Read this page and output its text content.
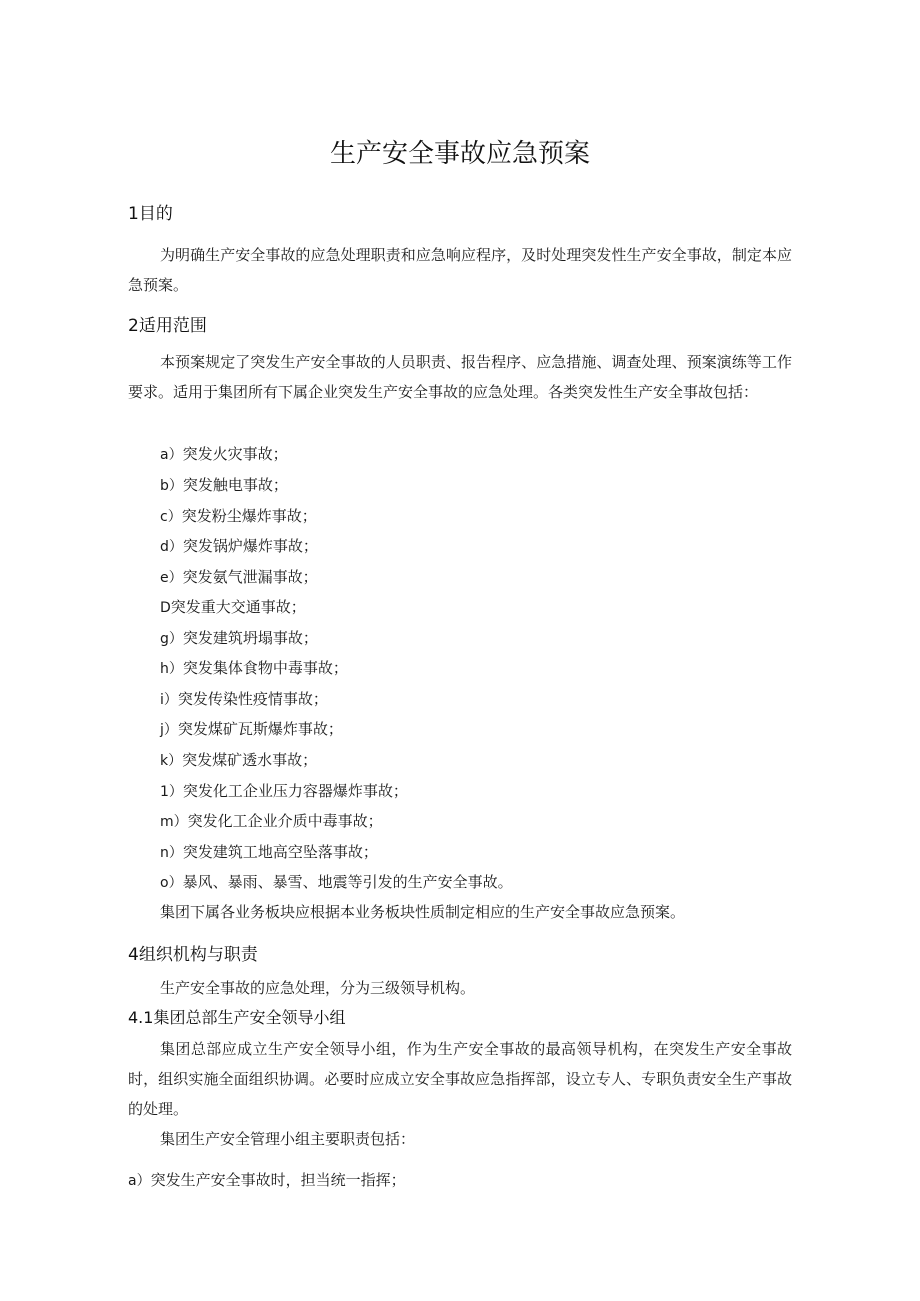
生产安全事故应急预案
1目的

为明确生产安全事故的应急处理职责和应急响应程序，及时处理突发性生产安全事故，制定本应急预案。

2适用范围

本预案规定了突发生产安全事故的人员职责、报告程序、应急措施、调查处理、预案演练等工作要求。适用于集团所有下属企业突发生产安全事故的应急处理。各类突发性生产安全事故包括：

a）突发火灾事故；
b）突发触电事故；
c）突发粉尘爆炸事故；
d）突发锅炉爆炸事故；
e）突发氨气泄漏事故；
D突发重大交通事故；
g）突发建筑坍塌事故；
h）突发集体食物中毒事故；
i）突发传染性疫情事故；
j）突发煤矿瓦斯爆炸事故；
k）突发煤矿透水事故；
1）突发化工企业压力容器爆炸事故；
m）突发化工企业介质中毒事故；
n）突发建筑工地高空坠落事故；
o）暴风、暴雨、暴雪、地震等引发的生产安全事故。
集团下属各业务板块应根据本业务板块性质制定相应的生产安全事故应急预案。
4组织机构与职责
生产安全事故的应急处理，分为三级领导机构。
4.1集团总部生产安全领导小组

集团总部应成立生产安全领导小组，作为生产安全事故的最高领导机构，在突发生产安全事故时，组织实施全面组织协调。必要时应成立安全事故应急指挥部，设立专人、专职负责安全生产事故的处理。

集团生产安全管理小组主要职责包括：
a）突发生产安全事故时，担当统一指挥；
